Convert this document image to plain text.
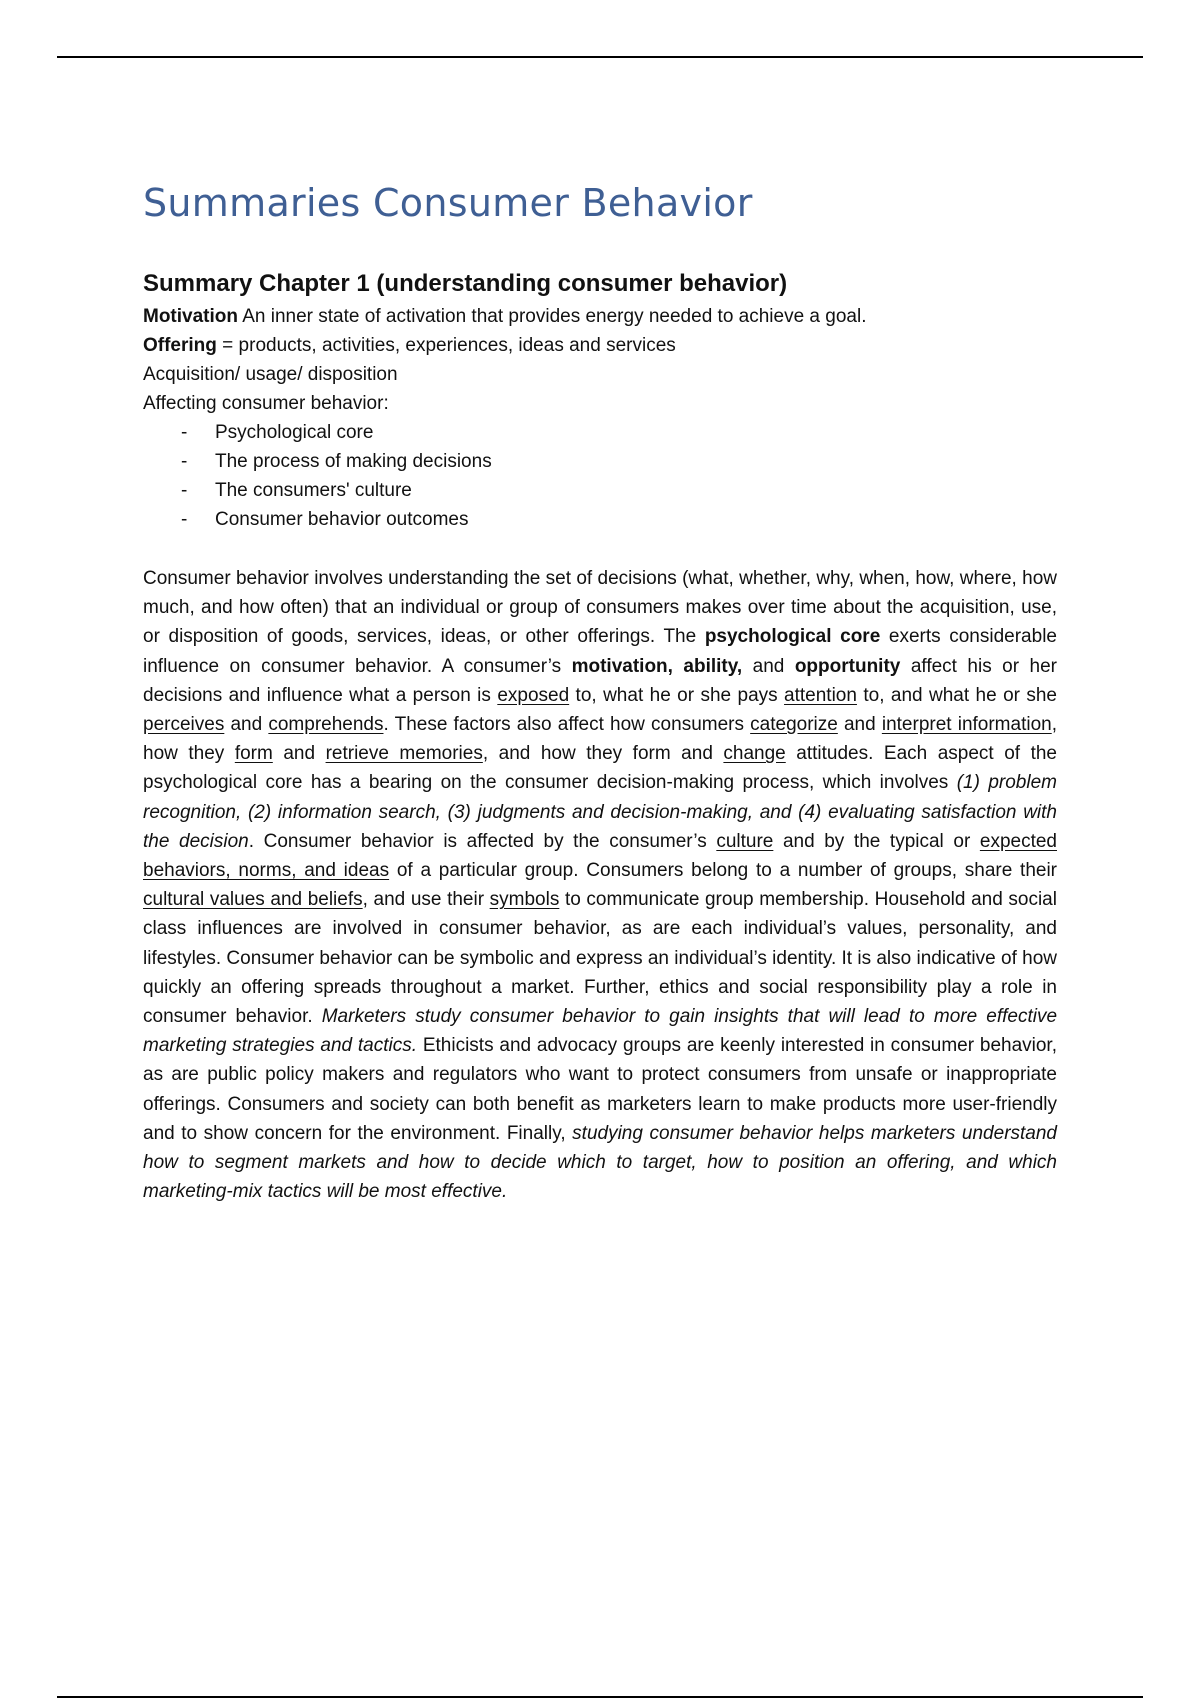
Summaries Consumer Behavior
Summary Chapter 1 (understanding consumer behavior)

Motivation An inner state of activation that provides energy needed to achieve a goal.

Offering = products, activities, experiences, ideas and services

Acquisition/ usage/ disposition

Affecting consumer behavior:

- Psychological core
- The process of making decisions
- The consumers' culture
- Consumer behavior outcomes

Consumer behavior involves understanding the set of decisions (what, whether, why, when, how, where, how much, and how often) that an individual or group of consumers makes over time about the acquisition, use, or disposition of goods, services, ideas, or other offerings. The psychological core exerts considerable influence on consumer behavior. A consumer’s motivation, ability, and opportunity affect his or her decisions and influence what a person is exposed to, what he or she pays attention to, and what he or she perceives and comprehends. These factors also affect how consumers categorize and interpret information, how they form and retrieve memories, and how they form and change attitudes. Each aspect of the psychological core has a bearing on the consumer decision-making process, which involves (1) problem recognition, (2) information search, (3) judgments and decision-making, and (4) evaluating satisfaction with the decision. Consumer behavior is affected by the consumer’s culture and by the typical or expected behaviors, norms, and ideas of a particular group. Consumers belong to a number of groups, share their cultural values and beliefs, and use their symbols to communicate group membership. Household and social class influences are involved in consumer behavior, as are each individual’s values, personality, and lifestyles. Consumer behavior can be symbolic and express an individual’s identity. It is also indicative of how quickly an offering spreads throughout a market. Further, ethics and social responsibility play a role in consumer behavior. Marketers study consumer behavior to gain insights that will lead to more effective marketing strategies and tactics. Ethicists and advocacy groups are keenly interested in consumer behavior, as are public policy makers and regulators who want to protect consumers from unsafe or inappropriate offerings. Consumers and society can both benefit as marketers learn to make products more user-friendly and to show concern for the environment. Finally, studying consumer behavior helps marketers understand how to segment markets and how to decide which to target, how to position an offering, and which marketing-mix tactics will be most effective.
